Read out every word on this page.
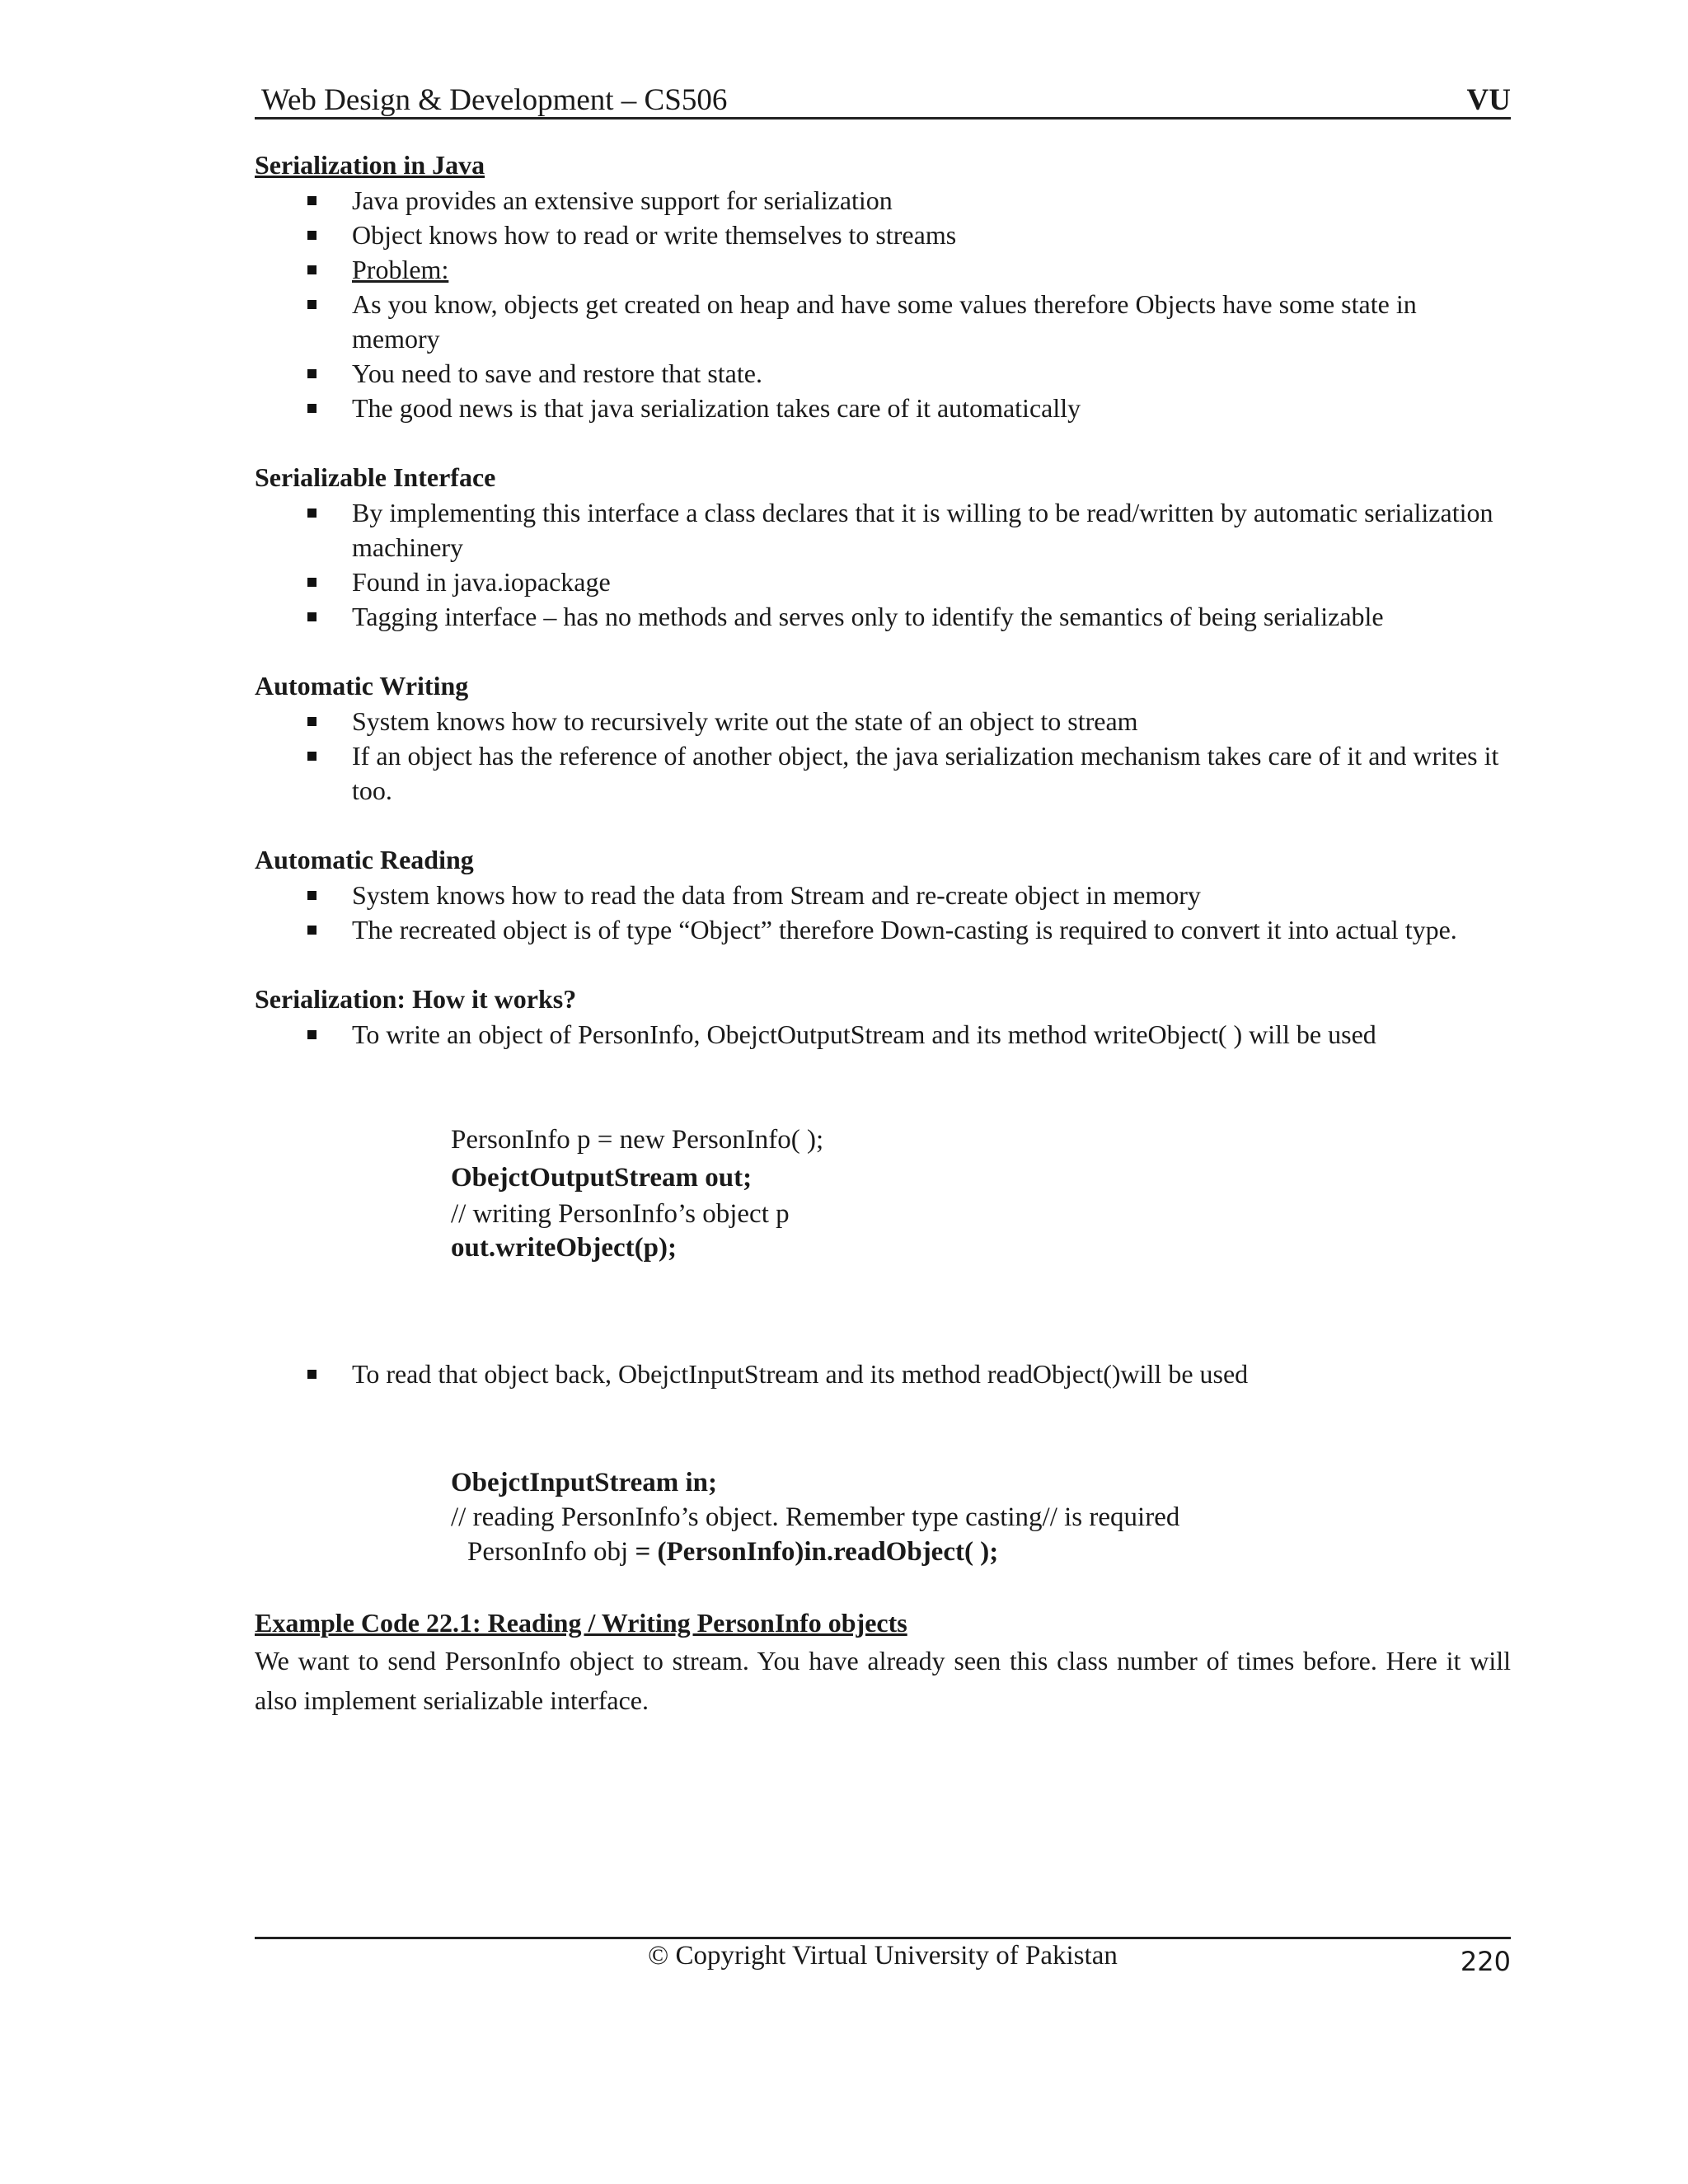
Web Design & Development – CS506	VU

Serialization in Java

Java provides an extensive support for serialization
Object knows how to read or write themselves to streams
Problem:
As you know, objects get created on heap and have some values therefore Objects have some state in memory
You need to save and restore that state.
The good news is that java serialization takes care of it automatically

Serializable Interface

By implementing this interface a class declares that it is willing to be read/written by automatic serialization machinery
Found in java.iopackage
Tagging interface – has no methods and serves only to identify the semantics of being serializable

Automatic Writing

System knows how to recursively write out the state of an object to stream
If an object has the reference of another object, the java serialization mechanism takes care of it and writes it too.

Automatic Reading

System knows how to read the data from Stream and re-create object in memory
The recreated object is of type “Object” therefore Down-casting is required to convert it into actual type.

Serialization: How it works?

To write an object of PersonInfo, ObejctOutputStream and its method writeObject( ) will be used
PersonInfo p = new PersonInfo( );
ObejctOutputStream out;
// writing PersonInfo’s object p
out.writeObject(p);
To read that object back, ObejctInputStream and its method readObject()will be used
ObejctInputStream in;
// reading PersonInfo’s object. Remember type casting// is required
PersonInfo obj = (PersonInfo)in.readObject( );

Example Code 22.1: Reading / Writing PersonInfo objects

We want to send PersonInfo object to stream. You have already seen this class number of times before. Here it will also implement serializable interface.

© Copyright Virtual University of Pakistan	220
